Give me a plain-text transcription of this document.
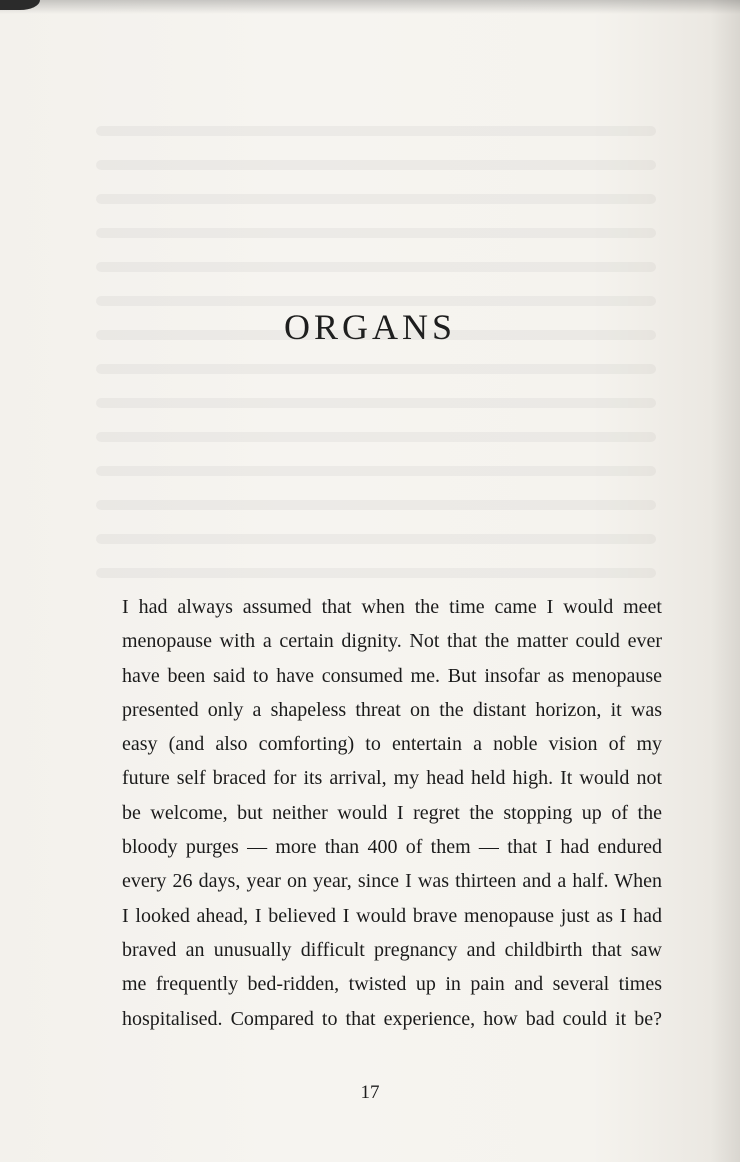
ORGANS
I had always assumed that when the time came I would meet
menopause with a certain dignity. Not that the matter could ever
have been said to have consumed me. But insofar as menopause
presented only a shapeless threat on the distant horizon, it was
easy (and also comforting) to entertain a noble vision of my
future self braced for its arrival, my head held high. It would not
be welcome, but neither would I regret the stopping up of the
bloody purges — more than 400 of them — that I had endured
every 26 days, year on year, since I was thirteen and a half. When
I looked ahead, I believed I would brave menopause just as I had
braved an unusually difficult pregnancy and childbirth that saw
me frequently bed-ridden, twisted up in pain and several times
hospitalised. Compared to that experience, how bad could it be?
17
